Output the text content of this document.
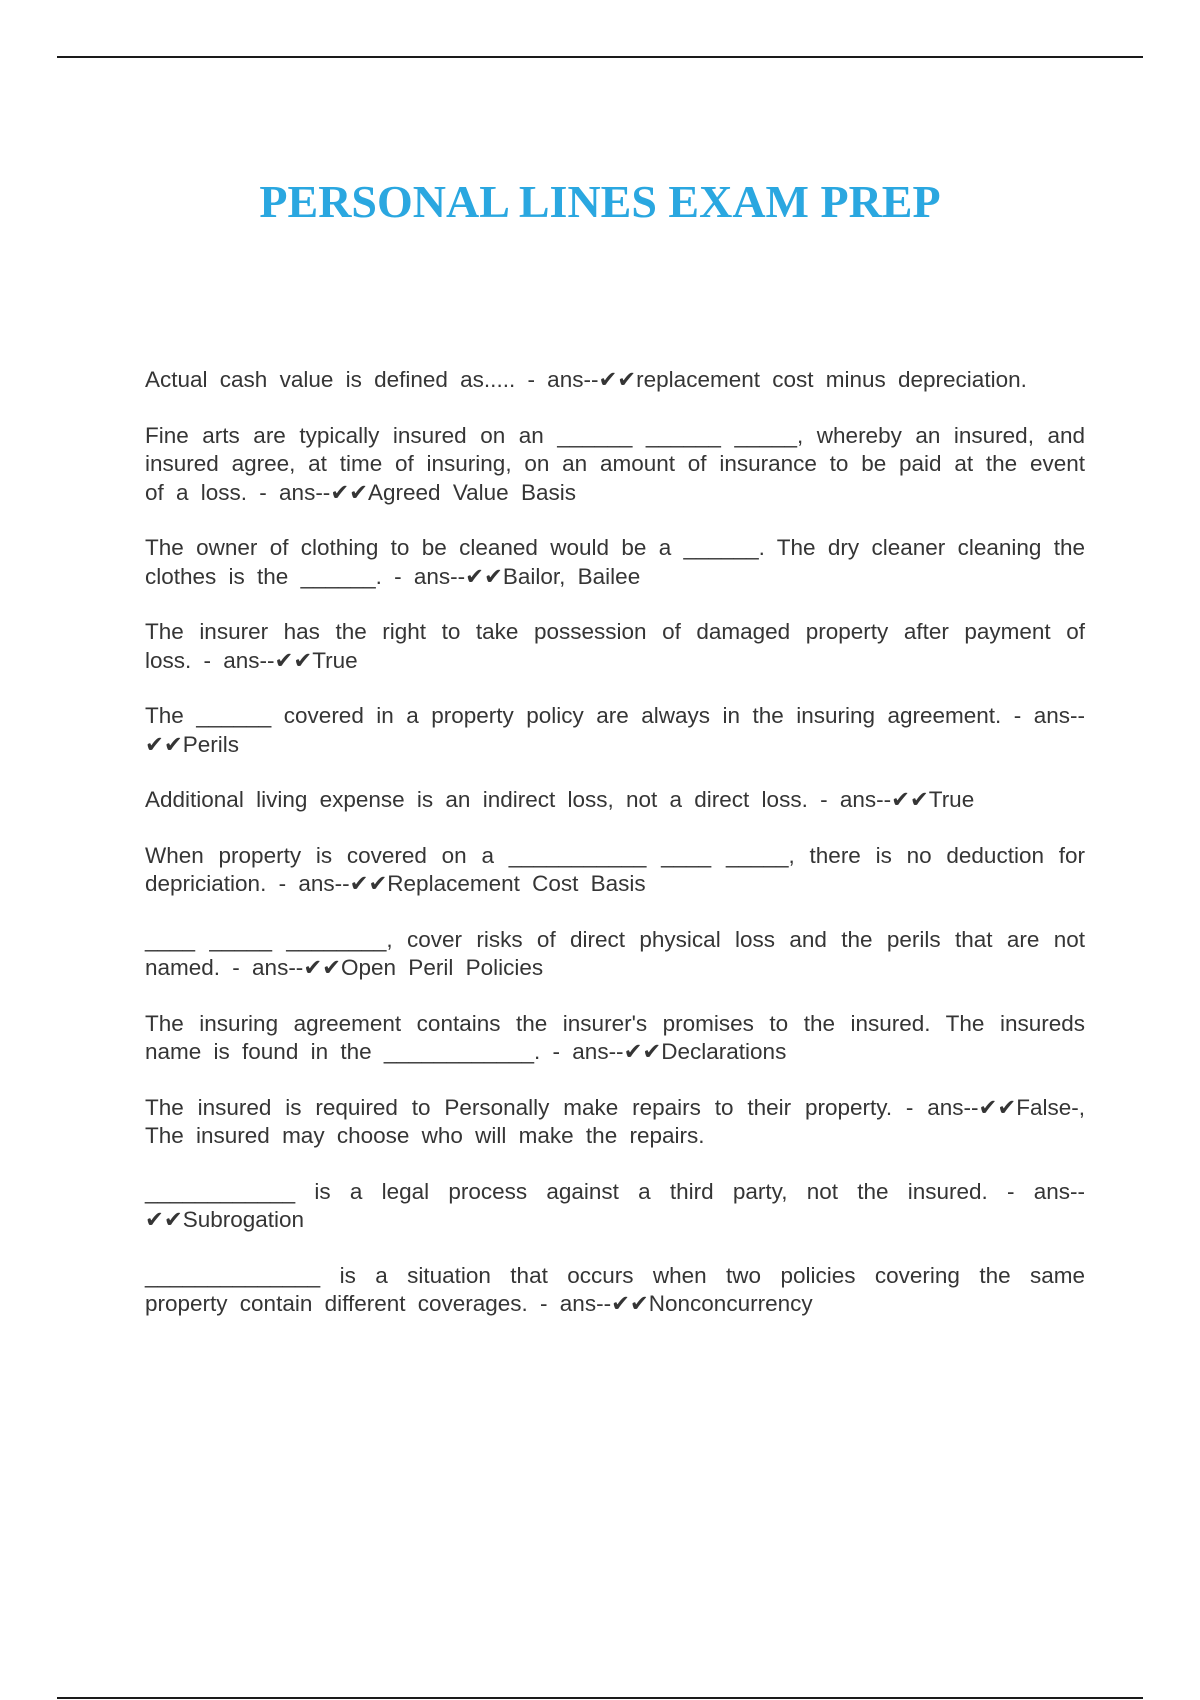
PERSONAL LINES EXAM PREP

Actual cash value is defined as..... - ans--✔✔replacement cost minus depreciation.

Fine arts are typically insured on an ______ ______ _____, whereby an insured, and insured agree, at time of insuring, on an amount of insurance to be paid at the event of a loss. - ans--✔✔Agreed Value Basis

The owner of clothing to be cleaned would be a ______. The dry cleaner cleaning the clothes is the ______. - ans--✔✔Bailor, Bailee

The insurer has the right to take possession of damaged property after payment of loss. - ans--✔✔True

The ______ covered in a property policy are always in the insuring agreement. - ans--✔✔Perils

Additional living expense is an indirect loss, not a direct loss. - ans--✔✔True

When property is covered on a ___________ ____ _____, there is no deduction for depriciation. - ans--✔✔Replacement Cost Basis

____ _____ ________, cover risks of direct physical loss and the perils that are not named. - ans--✔✔Open Peril Policies

The insuring agreement contains the insurer's promises to the insured. The insureds name is found in the ____________. - ans--✔✔Declarations

The insured is required to Personally make repairs to their property. - ans--✔✔False-, The insured may choose who will make the repairs.

____________ is a legal process against a third party, not the insured. - ans--✔✔Subrogation

______________ is a situation that occurs when two policies covering the same property contain different coverages. - ans--✔✔Nonconcurrency
